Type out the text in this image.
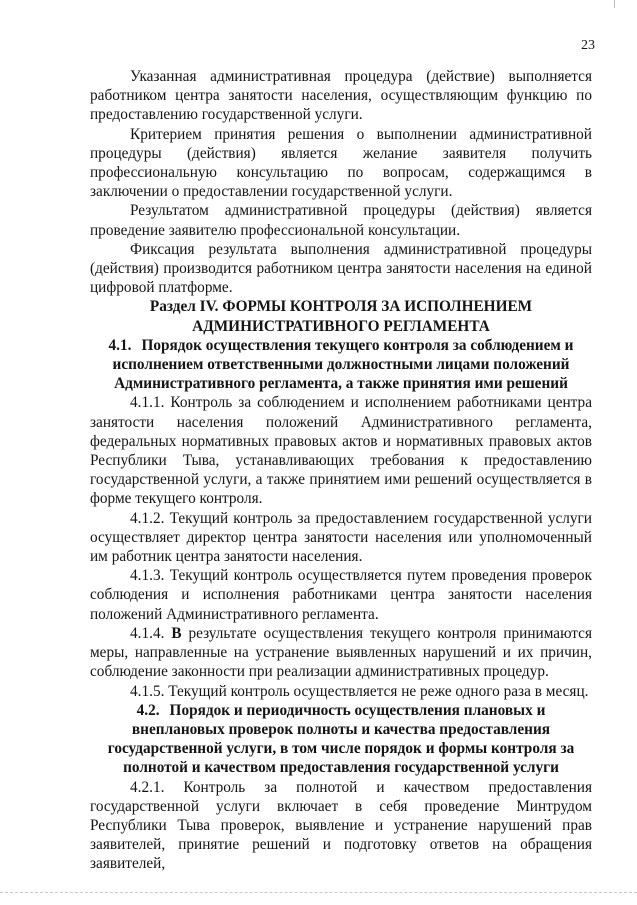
23

Указанная административная процедура (действие) выполняется работником центра занятости населения, осуществляющим функцию по предоставлению государственной услуги.

Критерием принятия решения о выполнении административной процедуры (действия) является желание заявителя получить профессиональную консультацию по вопросам, содержащимся в заключении о предоставлении государственной услуги.

Результатом административной процедуры (действия) является проведение заявителю профессиональной консультации.

Фиксация результата выполнения административной процедуры (действия) производится работником центра занятости населения на единой цифровой платформе.

Раздел IV. ФОРМЫ КОНТРОЛЯ ЗА ИСПОЛНЕНИЕМ АДМИНИСТРАТИВНОГО РЕГЛАМЕНТА
4.1. Порядок осуществления текущего контроля за соблюдением и исполнением ответственными должностными лицами положений Административного регламента, а также принятия ими решений

4.1.1. Контроль за соблюдением и исполнением работниками центра занятости населения положений Административного регламента, федеральных нормативных правовых актов и нормативных правовых актов Республики Тыва, устанавливающих требования к предоставлению государственной услуги, а также принятием ими решений осуществляется в форме текущего контроля.

4.1.2. Текущий контроль за предоставлением государственной услуги осуществляет директор центра занятости населения или уполномоченный им работник центра занятости населения.

4.1.3. Текущий контроль осуществляется путем проведения проверок соблюдения и исполнения работниками центра занятости населения положений Административного регламента.

4.1.4. В результате осуществления текущего контроля принимаются меры, направленные на устранение выявленных нарушений и их причин, соблюдение законности при реализации административных процедур.

4.1.5. Текущий контроль осуществляется не реже одного раза в месяц.

4.2. Порядок и периодичность осуществления плановых и внеплановых проверок полноты и качества предоставления государственной услуги, в том числе порядок и формы контроля за полнотой и качеством предоставления государственной услуги

4.2.1. Контроль за полнотой и качеством предоставления государственной услуги включает в себя проведение Минтрудом Республики Тыва проверок, выявление и устранение нарушений прав заявителей, принятие решений и подготовку ответов на обращения заявителей,
